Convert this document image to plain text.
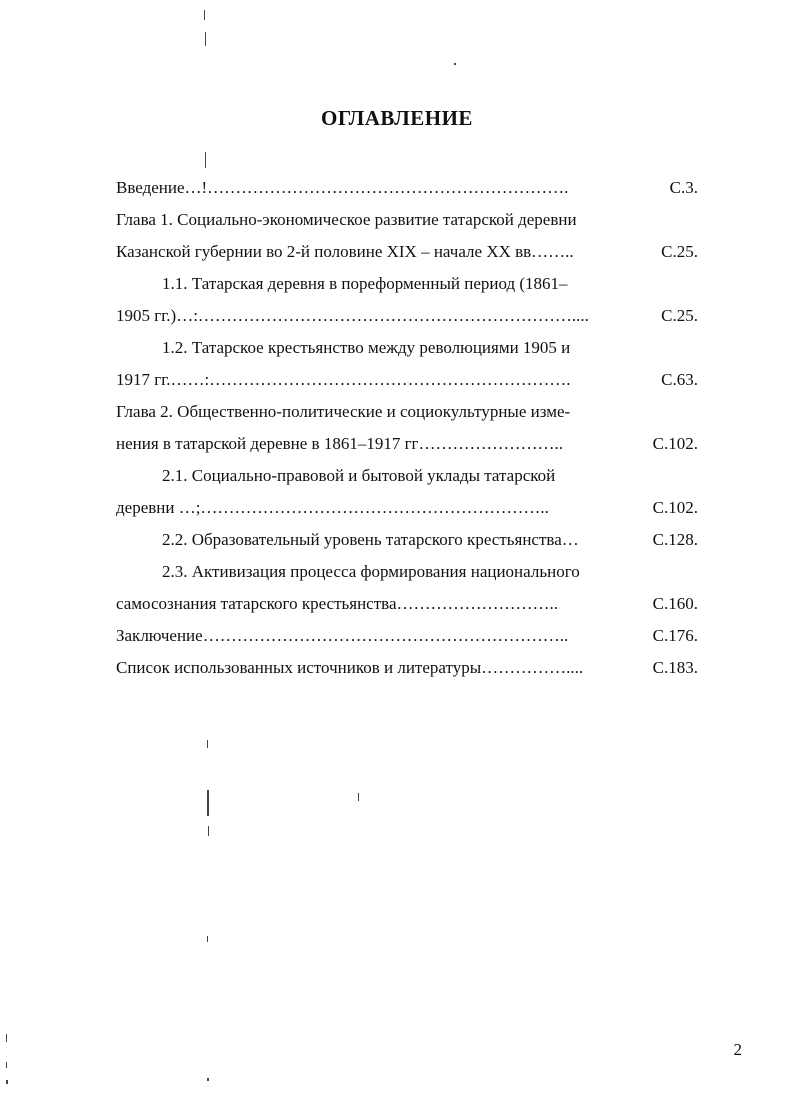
ОГЛАВЛЕНИЕ
Введение…!……………………………………………………….	С.3.
Глава 1. Социально-экономическое развитие татарской деревни
Казанской губернии во 2-й половине XIX – начале XX вв……..	С.25.
1.1. Татарская деревня в пореформенный период (1861–
1905 гг.)…:…………………………………………………………....	С.25.
1.2. Татарское крестьянство между революциями 1905 и
1917 гг.……:……………………………………………………….	С.63.
Глава 2. Общественно-политические и социокультурные изме-
нения в татарской деревне в 1861–1917 гг……………………..	С.102.
2.1. Социально-правовой и бытовой уклады татарской
деревни …;……………………………………………………..	С.102.
2.2. Образовательный уровень татарского крестьянства…	С.128.
2.3. Активизация процесса формирования национального
самосознания татарского крестьянства………………………..	С.160.
Заключение………………………………………………………..	С.176.
Список использованных источников и литературы……………....	С.183.
2
